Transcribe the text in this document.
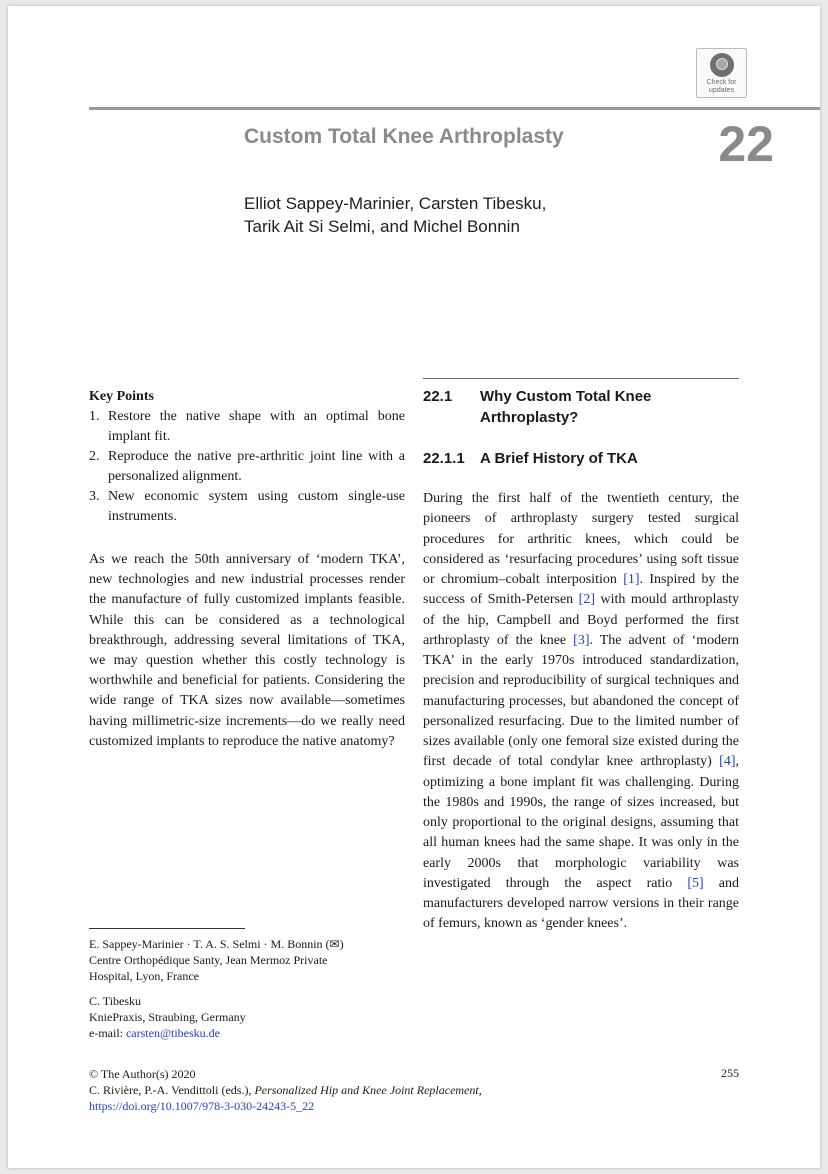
Check for
updates
Custom Total Knee Arthroplasty	22
Elliot Sappey-Marinier, Carsten Tibesku,
Tarik Ait Si Selmi, and Michel Bonnin
Key Points
1. Restore the native shape with an optimal bone implant fit.
2. Reproduce the native pre-arthritic joint line with a personalized alignment.
3. New economic system using custom single-use instruments.
As we reach the 50th anniversary of ‘modern TKA’, new technologies and new industrial processes render the manufacture of fully customized implants feasible. While this can be considered as a technological breakthrough, addressing several limitations of TKA, we may question whether this costly technology is worthwhile and beneficial for patients. Considering the wide range of TKA sizes now available—sometimes having millimetric-size increments—do we really need customized implants to reproduce the native anatomy?
E. Sappey-Marinier · T. A. S. Selmi · M. Bonnin (✉)
Centre Orthopédique Santy, Jean Mermoz Private
Hospital, Lyon, France
C. Tibesku
KniePraxis, Straubing, Germany
e-mail: carsten@tibesku.de
22.1 Why Custom Total Knee
Arthroplasty?
22.1.1 A Brief History of TKA
During the first half of the twentieth century, the pioneers of arthroplasty surgery tested surgical procedures for arthritic knees, which could be considered as ‘resurfacing procedures’ using soft tissue or chromium–cobalt interposition [1]. Inspired by the success of Smith-Petersen [2] with mould arthroplasty of the hip, Campbell and Boyd performed the first arthroplasty of the knee [3]. The advent of ‘modern TKA’ in the early 1970s introduced standardization, precision and reproducibility of surgical techniques and manufacturing processes, but abandoned the concept of personalized resurfacing. Due to the limited number of sizes available (only one femoral size existed during the first decade of total condylar knee arthroplasty) [4], optimizing a bone implant fit was challenging. During the 1980s and 1990s, the range of sizes increased, but only proportional to the original designs, assuming that all human knees had the same shape. It was only in the early 2000s that morphologic variability was investigated through the aspect ratio [5] and manufacturers developed narrow versions in their range of femurs, known as ‘gender knees’.
© The Author(s) 2020
C. Rivière, P.-A. Vendittoli (eds.), Personalized Hip and Knee Joint Replacement,
https://doi.org/10.1007/978-3-030-24243-5_22
255
